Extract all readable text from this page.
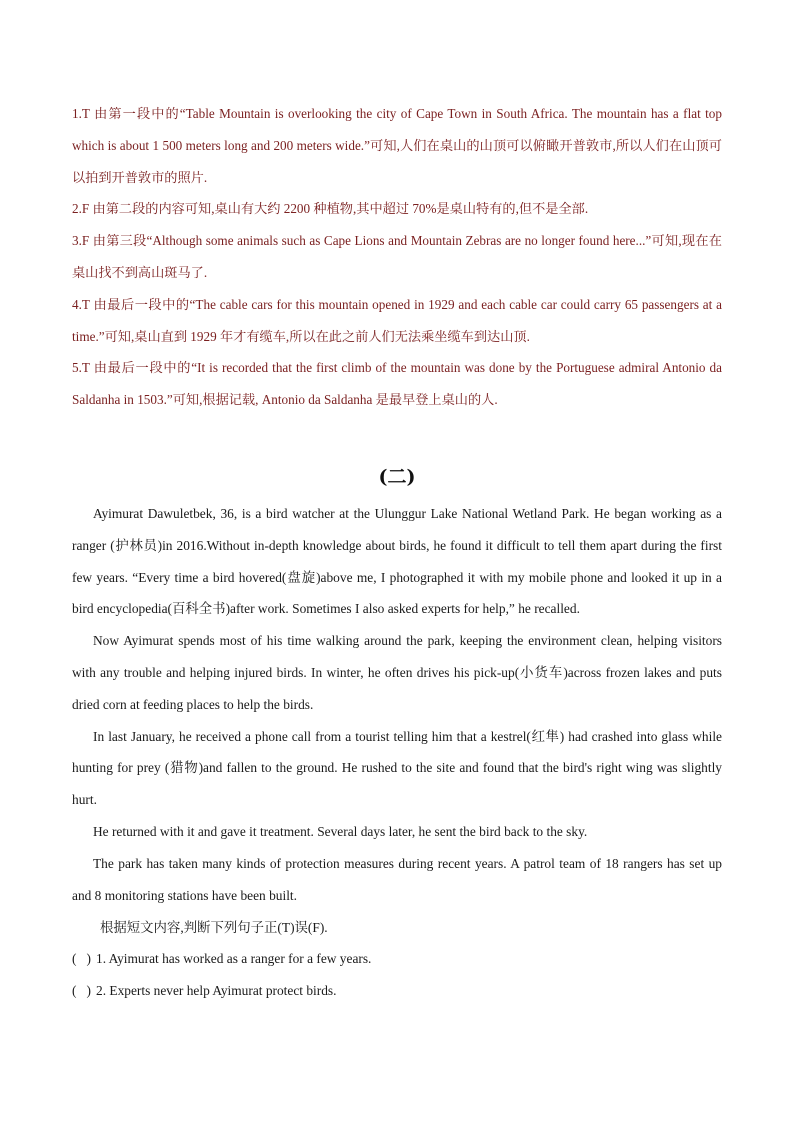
1.T 由第一段中的“Table Mountain is overlooking the city of Cape Town in South Africa. The mountain has a flat top which is about 1 500 meters long and 200 meters wide.”可知,人们在桌山的山顶可以俯瞰开普敦市,所以人们在山顶可以拍到开普敦市的照片.

2.F 由第二段的内容可知,桌山有大约 2200 种植物,其中超过 70%是桌山特有的,但不是全部.

3.F 由第三段“Although some animals such as Cape Lions and Mountain Zebras are no longer found here...”可知,现在在桌山找不到高山斑马了.

4.T 由最后一段中的“The cable cars for this mountain opened in 1929 and each cable car could carry 65 passengers at a time.”可知,桌山直到 1929 年才有缆车,所以在此之前人们无法乘坐缆车到达山顶.

5.T 由最后一段中的“It is recorded that the first climb of the mountain was done by the Portuguese admiral Antonio da Saldanha in 1503.”可知,根据记载, Antonio da Saldanha 是最早登上桌山的人.

(二)

Ayimurat Dawuletbek, 36, is a bird watcher at the Ulunggur Lake National Wetland Park. He began working as a ranger (护林员)in 2016.Without in-depth knowledge about birds, he found it difficult to tell them apart during the first few years. “Every time a bird hovered(盘旋)above me, I photographed it with my mobile phone and looked it up in a bird encyclopedia(百科全书)after work. Sometimes I also asked experts for help,” he recalled.

Now Ayimurat spends most of his time walking around the park, keeping the environment clean, helping visitors with any trouble and helping injured birds. In winter, he often drives his pick-up(小货车)across frozen lakes and puts dried corn at feeding places to help the birds.

In last January, he received a phone call from a tourist telling him that a kestrel(红隼) had crashed into glass while hunting for prey (猎物)and fallen to the ground. He rushed to the site and found that the bird's right wing was slightly hurt.

He returned with it and gave it treatment. Several days later, he sent the bird back to the sky.

The park has taken many kinds of protection measures during recent years. A patrol team of 18 rangers has set up and 8 monitoring stations have been built.

根据短文内容,判断下列句子正(T)误(F).
(   ) 1. Ayimurat has worked as a ranger for a few years.
(   ) 2. Experts never help Ayimurat protect birds.
